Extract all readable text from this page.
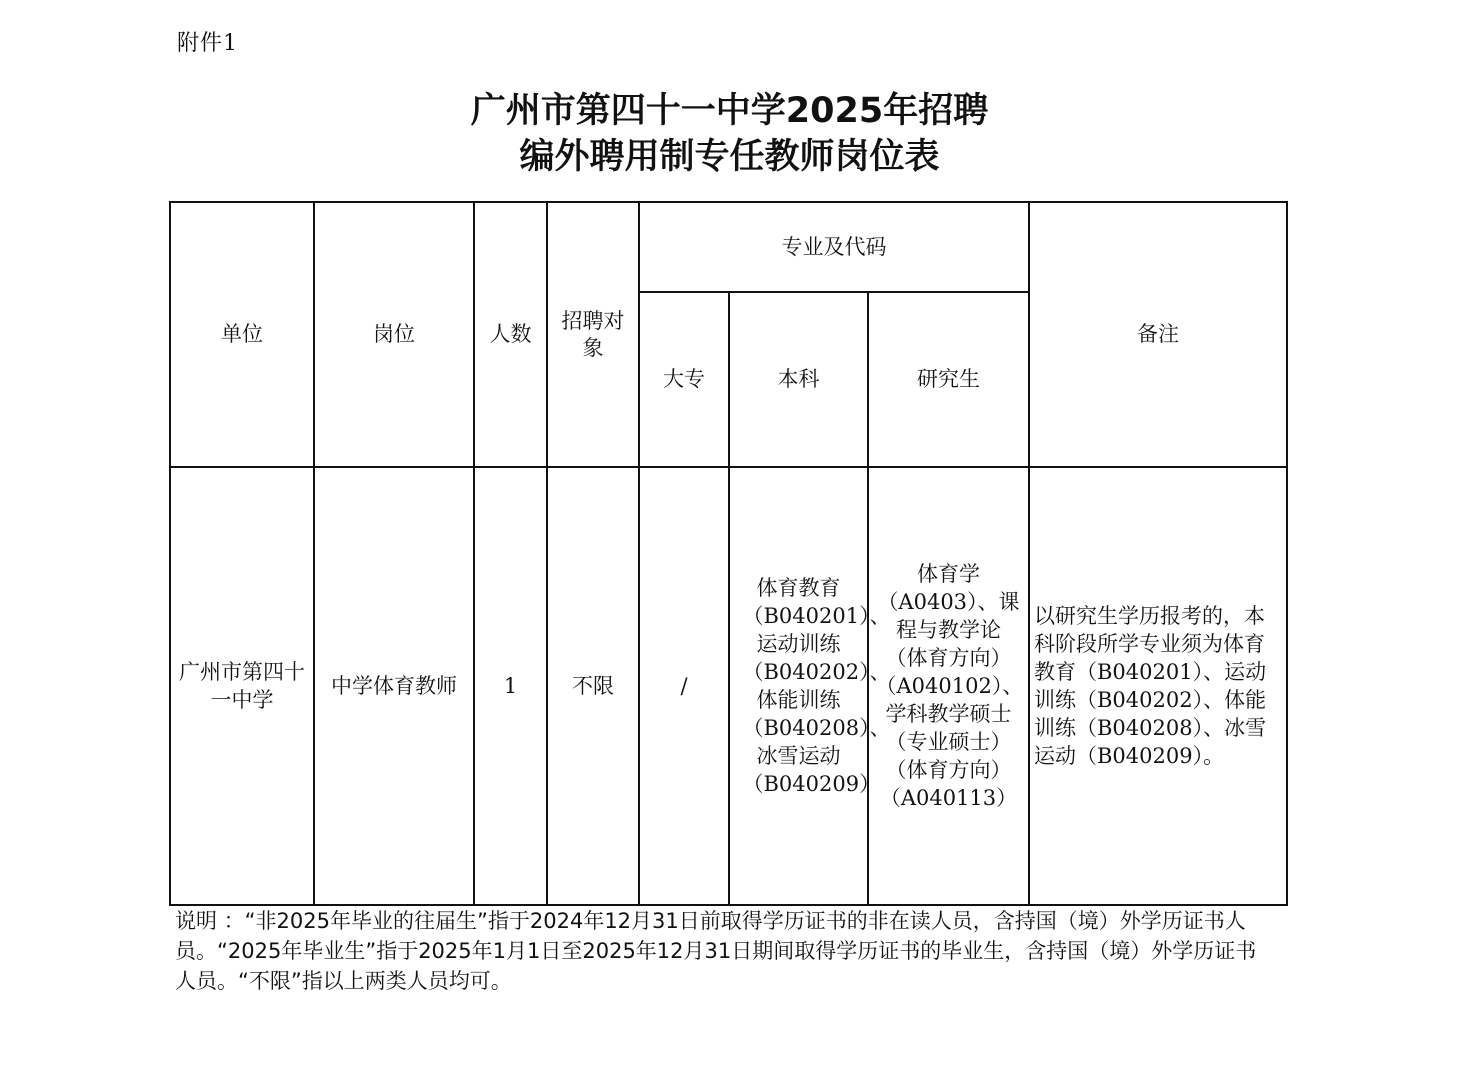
附件1
广州市第四十一中学2025年招聘
编外聘用制专任教师岗位表
单位	岗位	人数	招聘对象	专业及代码			备注
				大专	本科	研究生	

广州市第四十一中学	中学体育教师	1	不限	/	体育教育（B040201）、运动训练（B040202）、体能训练（B040208）、冰雪运动（B040209）	体育学（A0403）、课程与教学论（体育方向）（A040102）、学科教学硕士（专业硕士）（体育方向）（A040113）	以研究生学历报考的，本科阶段所学专业须为体育教育（B040201）、运动训练（B040202）、体能训练（B040208）、冰雪运动（B040209）。
说明 ：“非2025年毕业的往届生”指于2024年12月31日前取得学历证书的非在读人员，含持国（境）外学历证书人员。“2025年毕业生”指于2025年1月1日至2025年12月31日期间取得学历证书的毕业生，含持国（境）外学历证书人员。“不限”指以上两类人员均可。
